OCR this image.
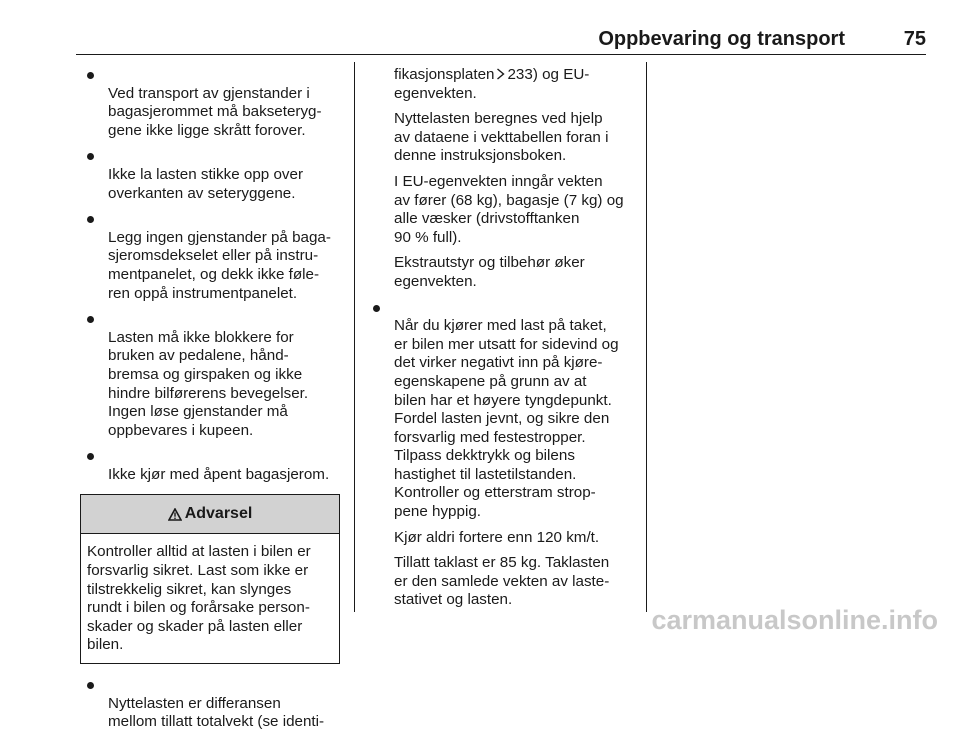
Oppbevaring og transport	75

Ved transport av gjenstander i
bagasjerommet må bakseteryg-
gene ikke ligge skrått forover.

Ikke la lasten stikke opp over
overkanten av seteryggene.

Legg ingen gjenstander på baga-
sjeromsdekselet eller på instru-
mentpanelet, og dekk ikke føle-
ren oppå instrumentpanelet.

Lasten må ikke blokkere for
bruken av pedalene, hånd-
bremsa og girspaken og ikke
hindre bilførerens bevegelser.
Ingen løse gjenstander må
oppbevares i kupeen.

Ikke kjør med åpent bagasjerom.

Advarsel
Kontroller alltid at lasten i bilen er
forsvarlig sikret. Last som ikke er
tilstrekkelig sikret, kan slynges
rundt i bilen og forårsake person-
skader og skader på lasten eller
bilen.

Nyttelasten er differansen
mellom tillatt totalvekt (se identi-

fikasjonsplaten 233) og EU-
egenvekten.
Nyttelasten beregnes ved hjelp
av dataene i vekttabellen foran i
denne instruksjonsboken.
I EU-egenvekten inngår vekten
av fører (68 kg), bagasje (7 kg) og
alle væsker (drivstofftanken
90 % full).
Ekstrautstyr og tilbehør øker
egenvekten.

Når du kjører med last på taket,
er bilen mer utsatt for sidevind og
det virker negativt inn på kjøre-
egenskapene på grunn av at
bilen har et høyere tyngdepunkt.
Fordel lasten jevnt, og sikre den
forsvarlig med festestropper.
Tilpass dekktrykk og bilens
hastighet til lastetilstanden.
Kontroller og etterstram strop-
pene hyppig.

Kjør aldri fortere enn 120 km/t.
Tillatt taklast er 85 kg. Taklasten
er den samlede vekten av laste-
stativet og lasten.
carmanualsonline.info
